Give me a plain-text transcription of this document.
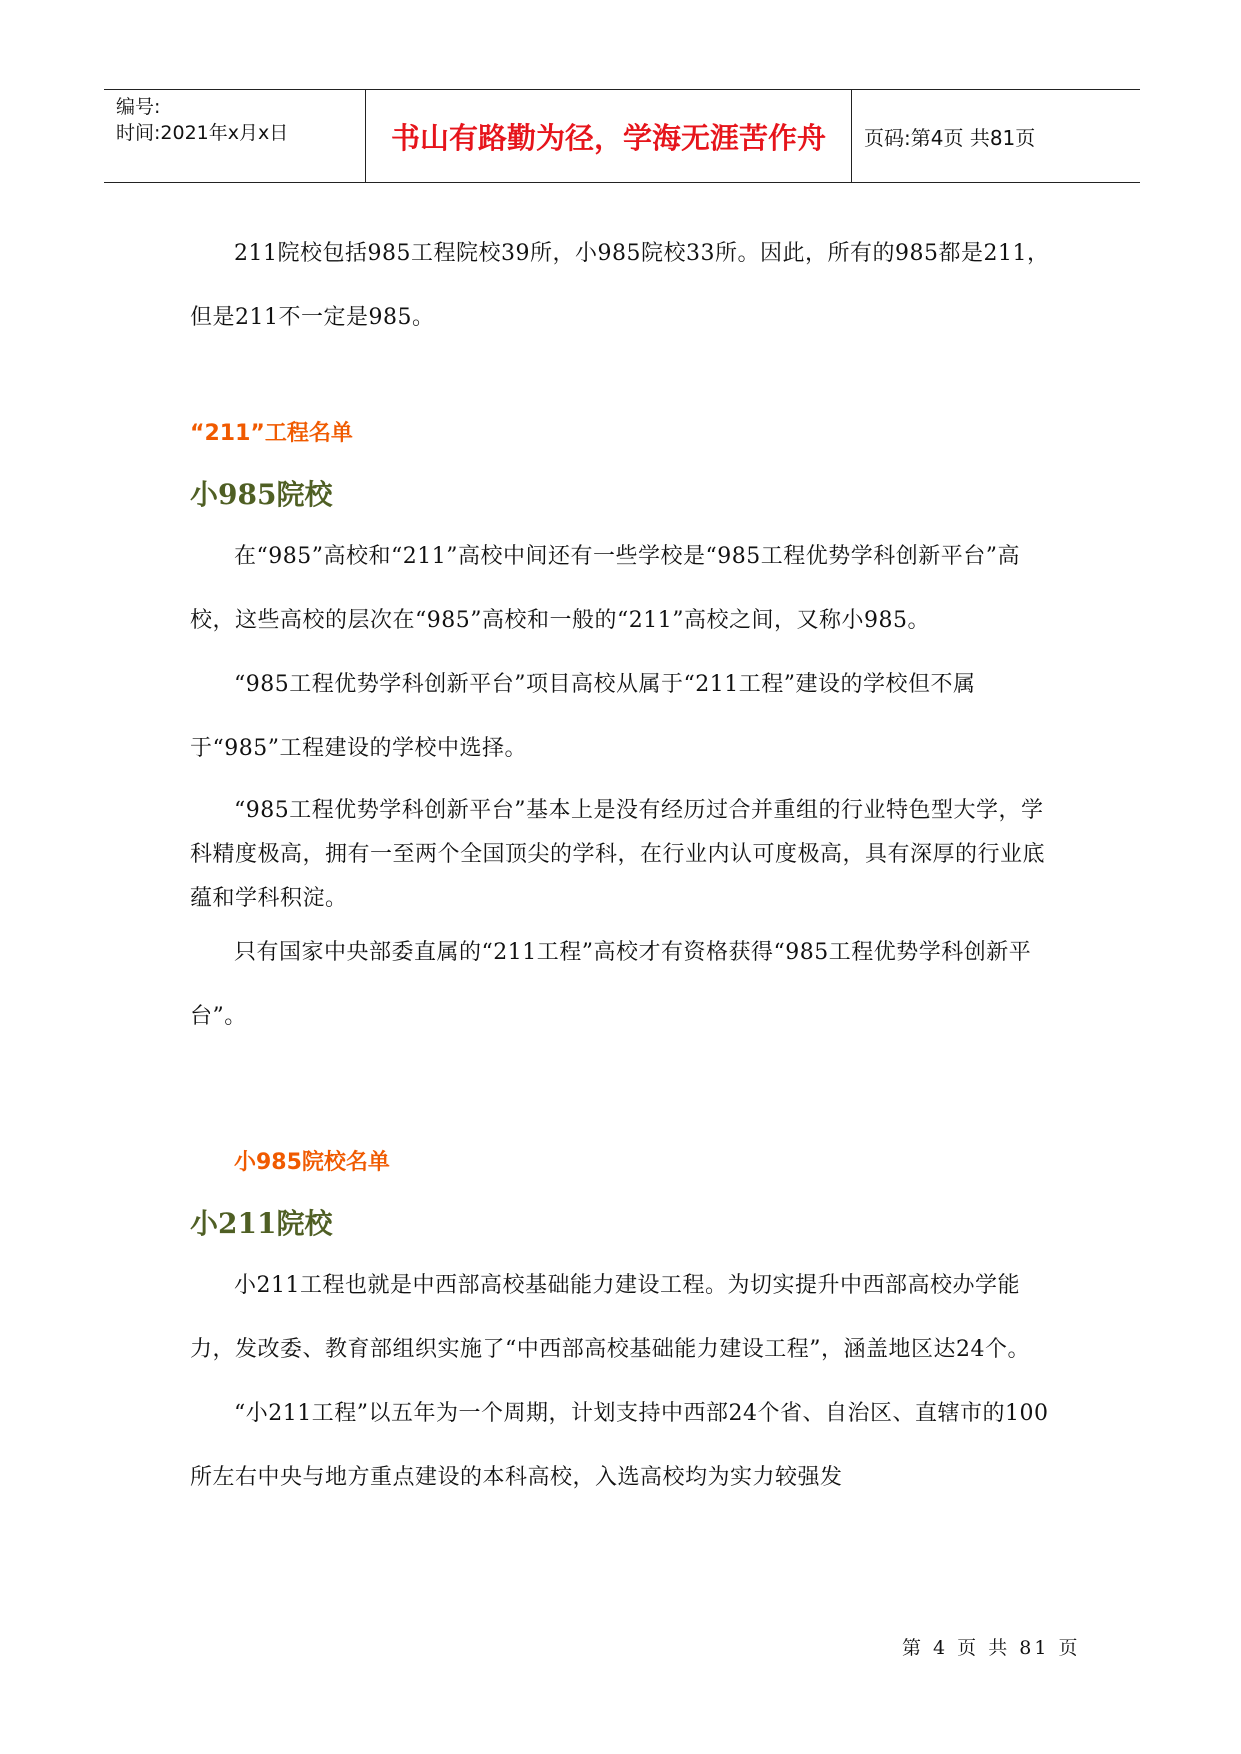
编号:
时间:2021年x月x日	书山有路勤为径，学海无涯苦作舟	页码:第4页 共81页

211院校包括985工程院校39所，小985院校33所。因此，所有的985都是211，但是211不一定是985。

“211”工程名单
小985院校

在“985”高校和“211”高校中间还有一些学校是“985工程优势学科创新平台”高校，这些高校的层次在“985”高校和一般的“211”高校之间，又称小985。

“985工程优势学科创新平台”项目高校从属于“211工程”建设的学校但不属于“985”工程建设的学校中选择。

“985工程优势学科创新平台”基本上是没有经历过合并重组的行业特色型大学，学科精度极高，拥有一至两个全国顶尖的学科，在行业内认可度极高，具有深厚的行业底蕴和学科积淀。

只有国家中央部委直属的“211工程”高校才有资格获得“985工程优势学科创新平台”。

小985院校名单
小211院校

小211工程也就是中西部高校基础能力建设工程。为切实提升中西部高校办学能力，发改委、教育部组织实施了“中西部高校基础能力建设工程”，涵盖地区达24个。

“小211工程”以五年为一个周期，计划支持中西部24个省、自治区、直辖市的100所左右中央与地方重点建设的本科高校，入选高校均为实力较强发

第 4 页 共 81 页
